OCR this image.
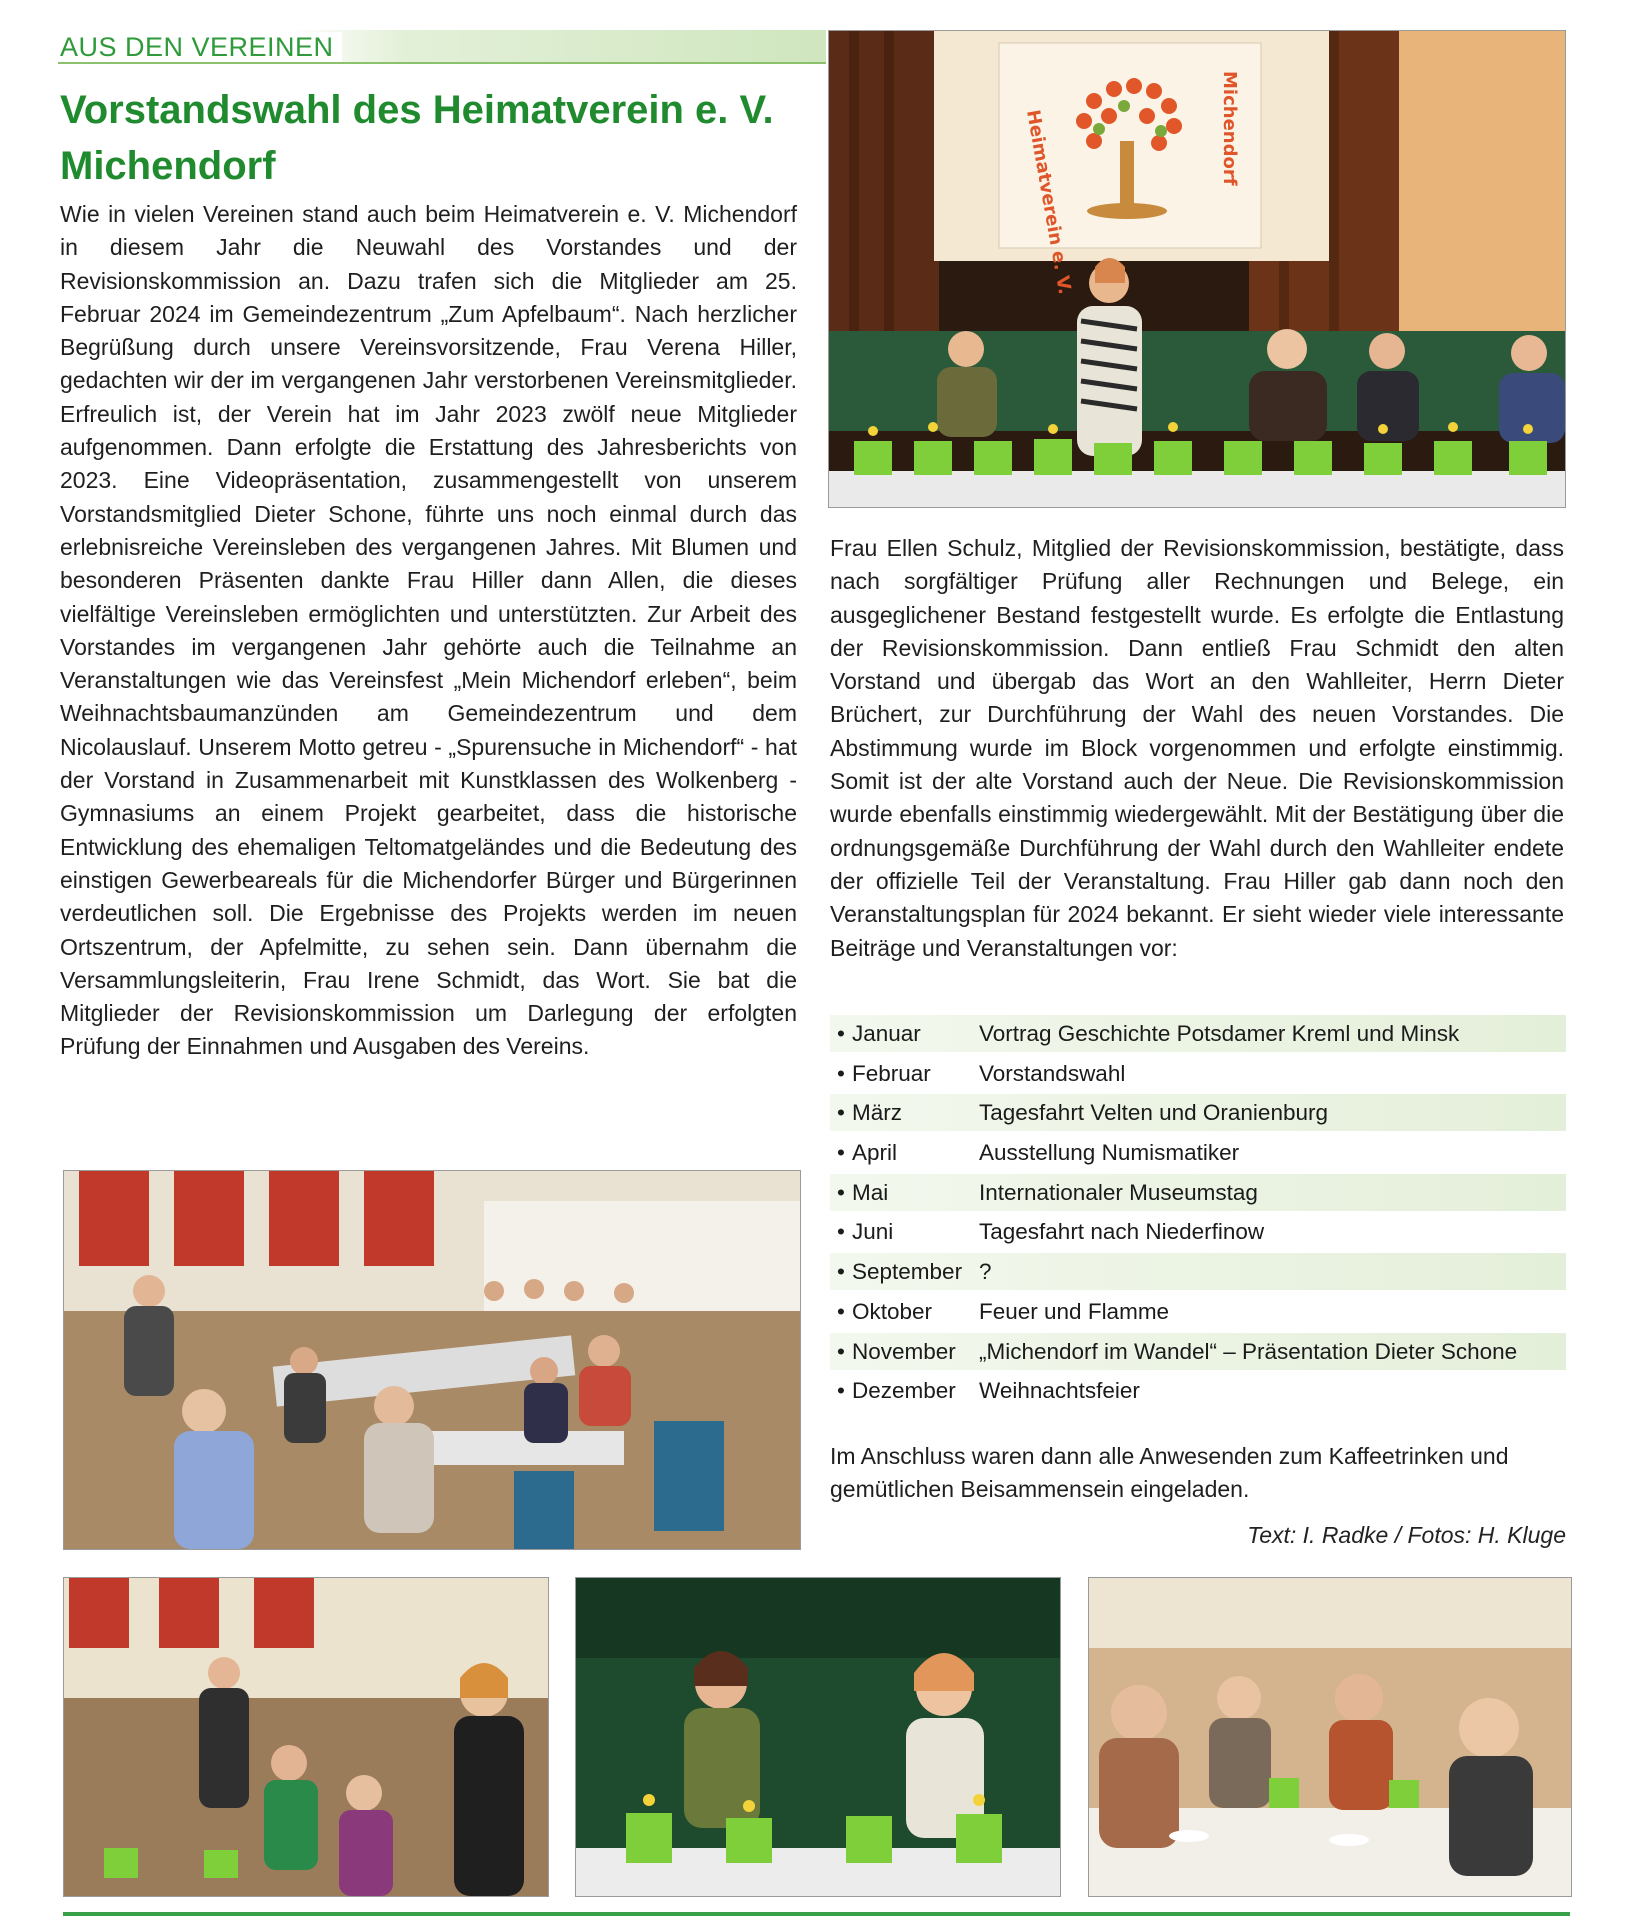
AUS DEN VEREINEN
Vorstandswahl des Heimatverein e. V. Michendorf

Wie in vielen Vereinen stand auch beim Heimatverein e. V. Michendorf in diesem Jahr die Neuwahl des Vorstandes und der Revisionskommission an. Dazu trafen sich die Mitglieder am 25. Februar 2024 im Gemeindezentrum „Zum Apfelbaum“. Nach herzlicher Begrüßung durch unsere Vereinsvorsitzende, Frau Verena Hiller, gedachten wir der im vergangenen Jahr verstorbenen Vereinsmitglieder. Erfreulich ist, der Verein hat im Jahr 2023 zwölf neue Mitglieder aufgenommen. Dann erfolgte die Erstattung des Jahresberichts von 2023. Eine Videopräsentation, zusammengestellt von unserem Vorstandsmitglied Dieter Schone, führte uns noch einmal durch das erlebnisreiche Vereinsleben des vergangenen Jahres. Mit Blumen und besonderen Präsenten dankte Frau Hiller dann Allen, die dieses vielfältige Vereinsleben ermöglichten und unterstützten. Zur Arbeit des Vorstandes im vergangenen Jahr gehörte auch die Teilnahme an Veranstaltungen wie das Vereinsfest „Mein Michendorf erleben“, beim Weihnachtsbaumanzünden am Gemeindezentrum und dem Nicolauslauf. Unserem Motto getreu - „Spurensuche in Michendorf“ - hat der Vorstand in Zusammenarbeit mit Kunstklassen des Wolkenberg - Gymnasiums an einem Projekt gearbeitet, dass die historische Entwicklung des ehemaligen Teltomatgeländes und die Bedeutung des einstigen Gewerbeareals für die Michendorfer Bürger und Bürgerinnen verdeutlichen soll. Die Ergebnisse des Projekts werden im neuen Ortszentrum, der Apfelmitte, zu sehen sein. Dann übernahm die Versammlungsleiterin, Frau Irene Schmidt, das Wort. Sie bat die Mitglieder der Revisionskommission um Darlegung der erfolgten Prüfung der Einnahmen und Ausgaben des Vereins.

Heimatverein e. V.	Michendorf

Frau Ellen Schulz, Mitglied der Revisionskommission, bestätigte, dass nach sorgfältiger Prüfung aller Rechnungen und Belege, ein ausgeglichener Bestand festgestellt wurde. Es erfolgte die Entlastung der Revisionskommission. Dann entließ Frau Schmidt den alten Vorstand und übergab das Wort an den Wahlleiter, Herrn Dieter Brüchert, zur Durchführung der Wahl des neuen Vorstandes. Die Abstimmung wurde im Block vorgenommen und erfolgte einstimmig. Somit ist der alte Vorstand auch der Neue. Die Revisionskommission wurde ebenfalls einstimmig wiedergewählt. Mit der Bestätigung über die ordnungsgemäße Durchführung der Wahl durch den Wahlleiter endete der offizielle Teil der Veranstaltung. Frau Hiller gab dann noch den Veranstaltungsplan für 2024 bekannt. Er sieht wieder viele interessante Beiträge und Veranstaltungen vor:

• Januar	Vortrag Geschichte Potsdamer Kreml und Minsk
• Februar	Vorstandswahl
• März	Tagesfahrt Velten und Oranienburg
• April	Ausstellung Numismatiker
• Mai	Internationaler Museumstag
• Juni	Tagesfahrt nach Niederfinow
• September ?
• Oktober	Feuer und Flamme
• November	„Michendorf im Wandel“ – Präsentation Dieter Schone
• Dezember	Weihnachtsfeier

Im Anschluss waren dann alle Anwesenden zum Kaffeetrinken und gemütlichen Beisammensein eingeladen.

Text: I. Radke / Fotos: H. Kluge
